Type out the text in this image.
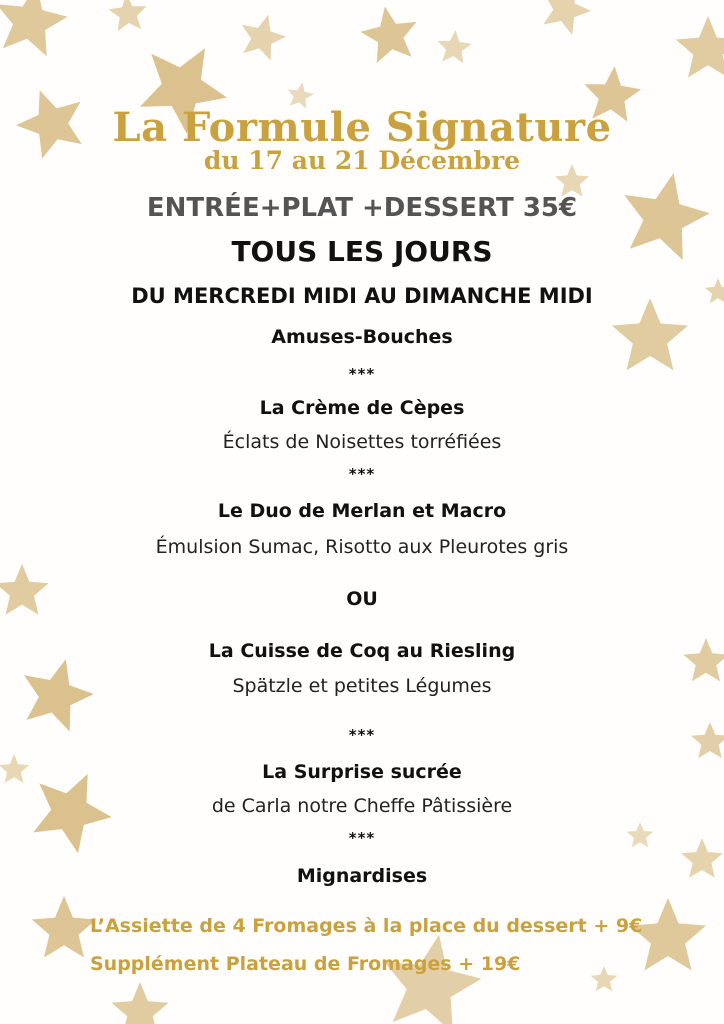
La Formule Signature

du 17 au 21 Décembre

ENTRÉE+PLAT +DESSERT 35€

TOUS LES JOURS

DU MERCREDI MIDI AU DIMANCHE MIDI

Amuses-Bouches

***

La Crème de Cèpes

Éclats de Noisettes torréfiées

***

Le Duo de Merlan et Macro

Émulsion Sumac, Risotto aux Pleurotes gris

OU

La Cuisse de Coq au Riesling

Spätzle et petites Légumes

***

La Surprise sucrée

de Carla notre Cheffe Pâtissière

***

Mignardises

L’Assiette de 4 Fromages à la place du dessert + 9€

Supplément Plateau de Fromages + 19€
